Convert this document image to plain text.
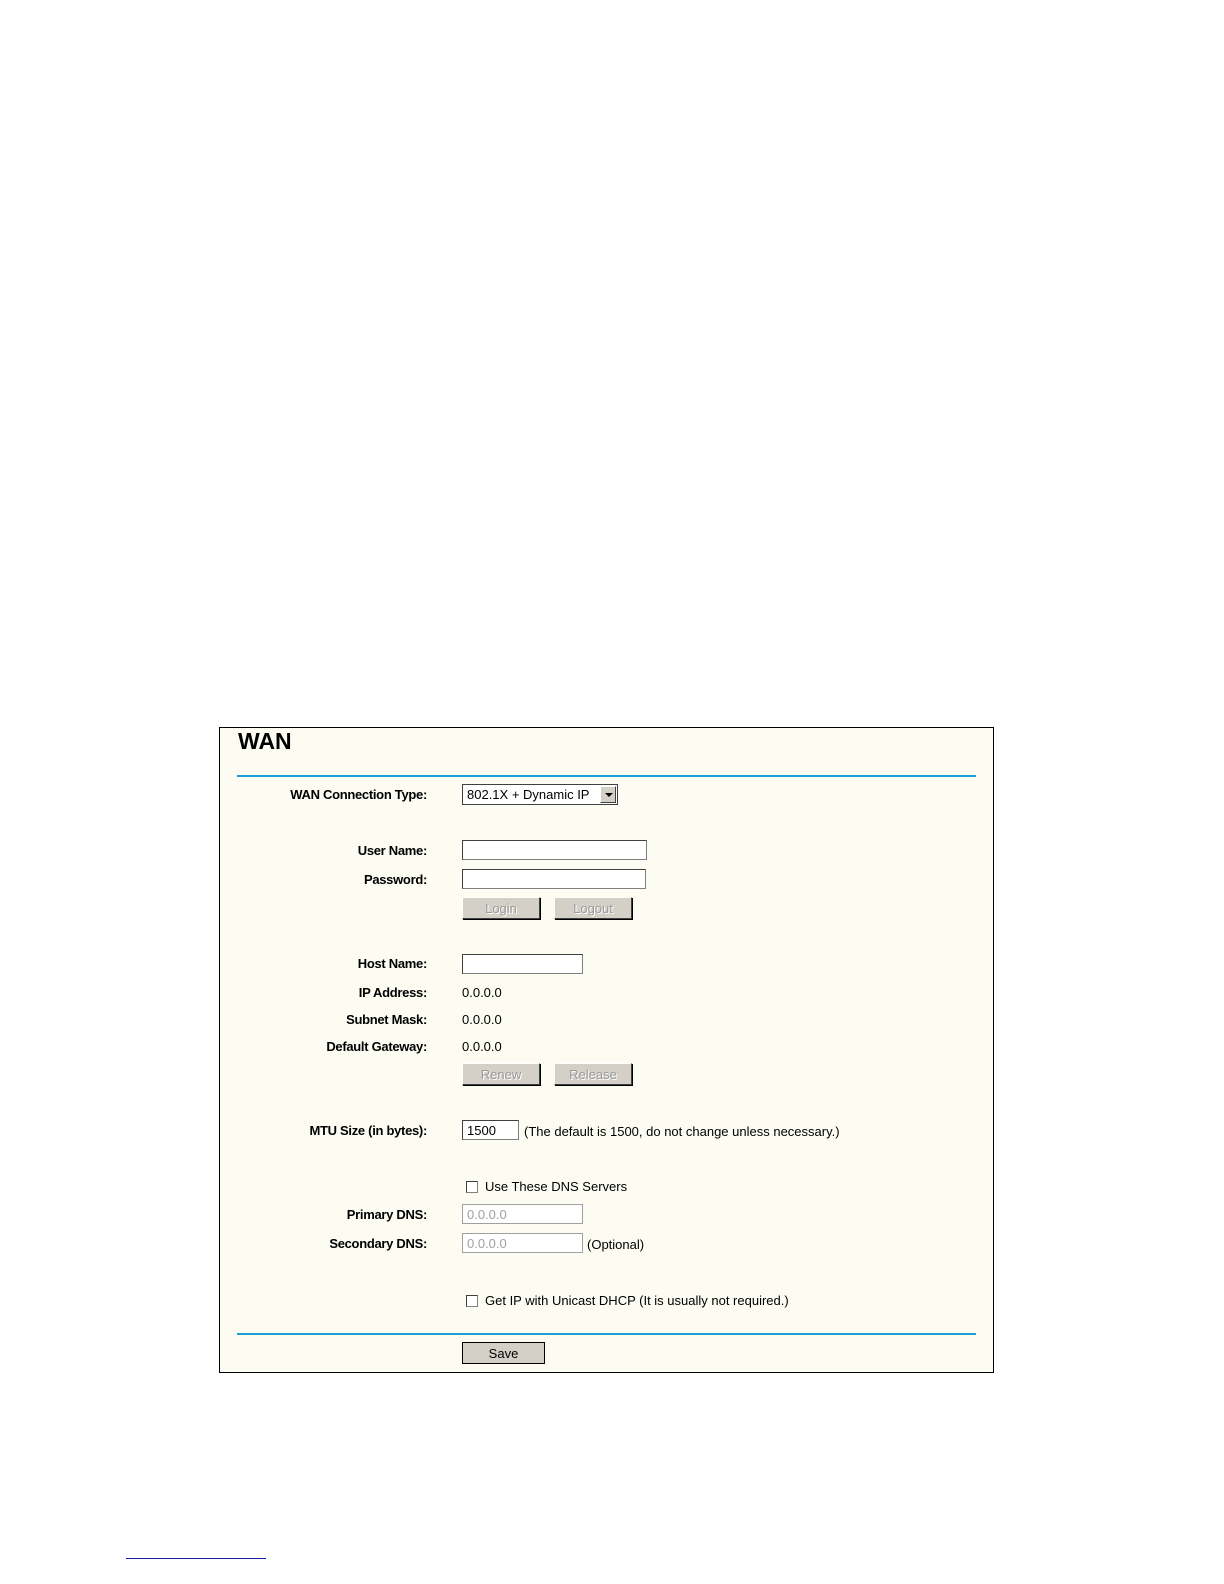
WAN
WAN Connection Type:	802.1X + Dynamic IP
User Name:
Password:
Login	Logout
Host Name:
IP Address:	0.0.0.0
Subnet Mask:	0.0.0.0
Default Gateway:	0.0.0.0
Renew	Release
MTU Size (in bytes):
1500	(The default is 1500, do not change unless necessary.)
Use These DNS Servers
Primary DNS:
0.0.0.0
Secondary DNS:
0.0.0.0	(Optional)
Get IP with Unicast DHCP (It is usually not required.)
Save
